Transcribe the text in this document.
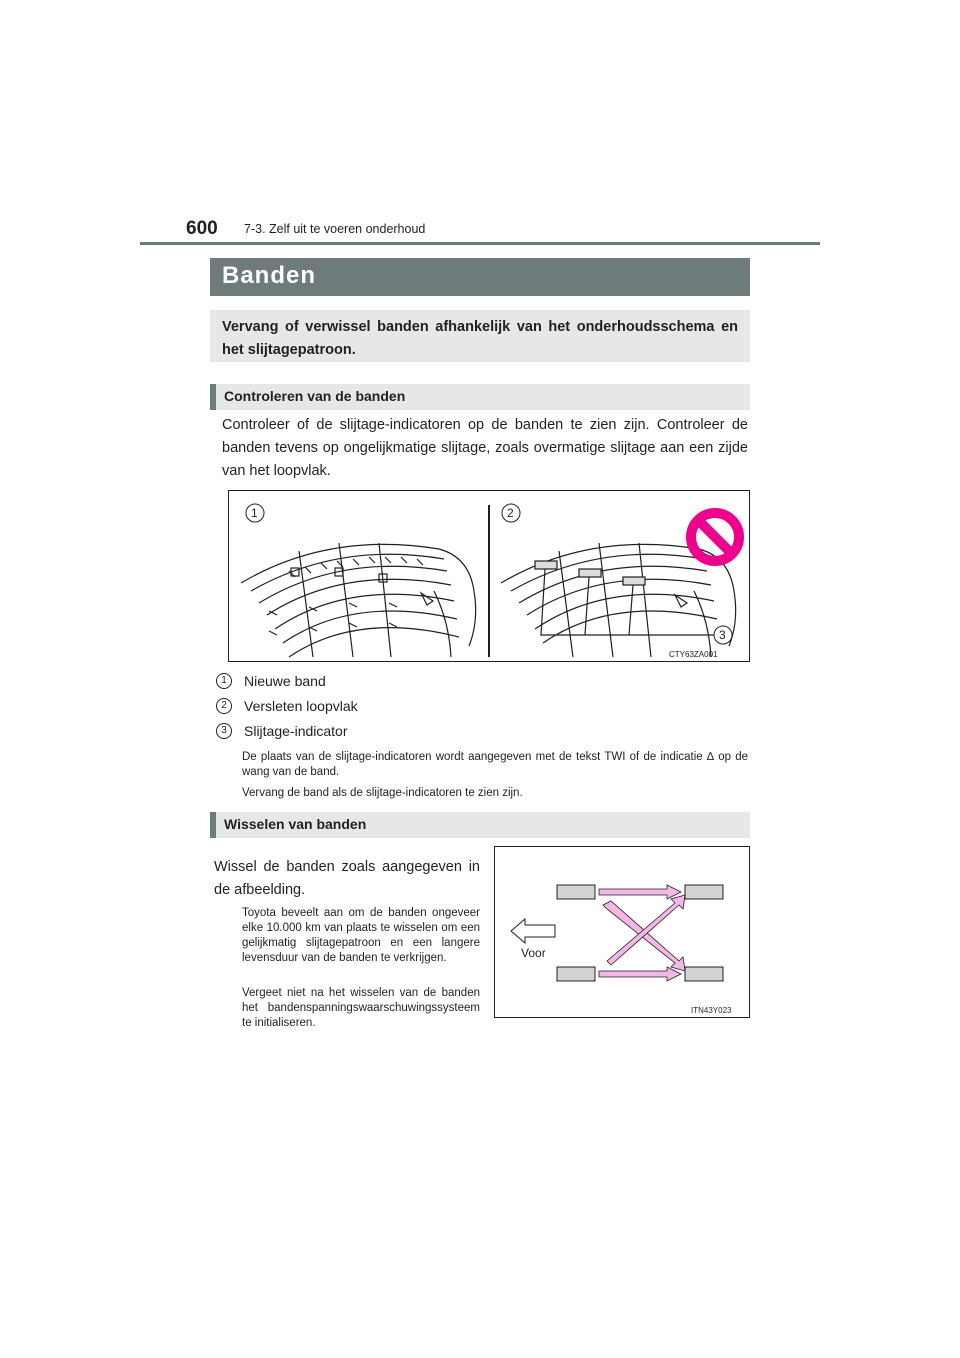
600 7-3. Zelf uit te voeren onderhoud
Banden

Vervang of verwissel banden afhankelijk van het onderhoudsschema en het slijtagepatroon.

Controleren van de banden

Controleer of de slijtage-indicatoren op de banden te zien zijn. Controleer de banden tevens op ongelijkmatige slijtage, zoals overmatige slijtage aan een zijde van het loopvlak.

1	2
3
CTY63ZA001
1	Nieuwe band
2	Versleten loopvlak
3	Slijtage-indicator

De plaats van de slijtage-indicatoren wordt aangegeven met de tekst TWI of de indicatie ∆ op de wang van de band.

Vervang de band als de slijtage-indicatoren te zien zijn.

Wisselen van banden

Wissel de banden zoals aangegeven in de afbeelding.

Toyota beveelt aan om de banden ongeveer elke 10.000 km van plaats te wisselen om een gelijkmatig slijtagepatroon en een langere levensduur van de banden te verkrijgen.

Vergeet niet na het wisselen van de banden het bandenspanningswaarschuwingssysteem te initialiseren.

Voor
ITN43Y023
